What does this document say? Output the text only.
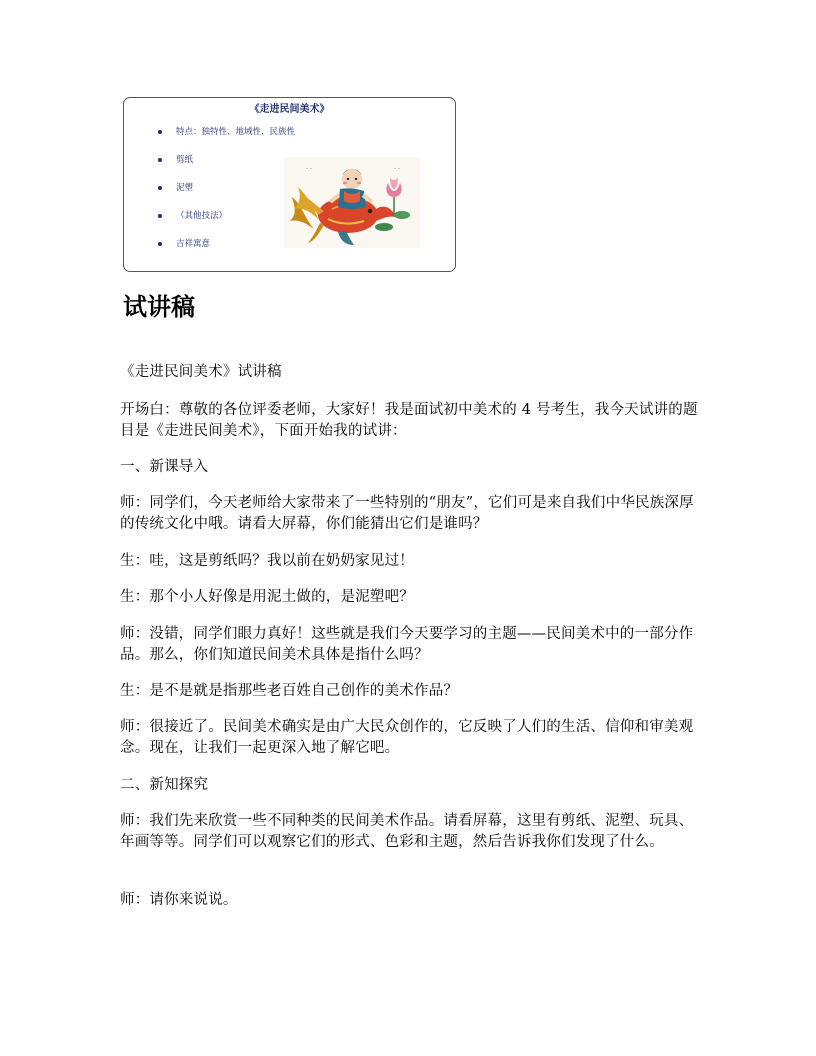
《走进民间美术》
特点：独特性、地域性、民族性
剪纸
泥塑
（其他技法）
吉祥寓意
· ·	· ·
试讲稿

《走进民间美术》试讲稿

开场白：尊敬的各位评委老师，大家好！我是面试初中美术的 4 号考生，我今天试讲的题目是《走进民间美术》，下面开始我的试讲：

一、新课导入

师：同学们，今天老师给大家带来了一些特别的“朋友”，它们可是来自我们中华民族深厚的传统文化中哦。请看大屏幕，你们能猜出它们是谁吗？

生：哇，这是剪纸吗？我以前在奶奶家见过！

生：那个小人好像是用泥土做的，是泥塑吧？

师：没错，同学们眼力真好！这些就是我们今天要学习的主题——民间美术中的一部分作品。那么，你们知道民间美术具体是指什么吗？

生：是不是就是指那些老百姓自己创作的美术作品？

师：很接近了。民间美术确实是由广大民众创作的，它反映了人们的生活、信仰和审美观念。现在，让我们一起更深入地了解它吧。

二、新知探究

师：我们先来欣赏一些不同种类的民间美术作品。请看屏幕，这里有剪纸、泥塑、玩具、年画等等。同学们可以观察它们的形式、色彩和主题，然后告诉我你们发现了什么。

师：请你来说说。
